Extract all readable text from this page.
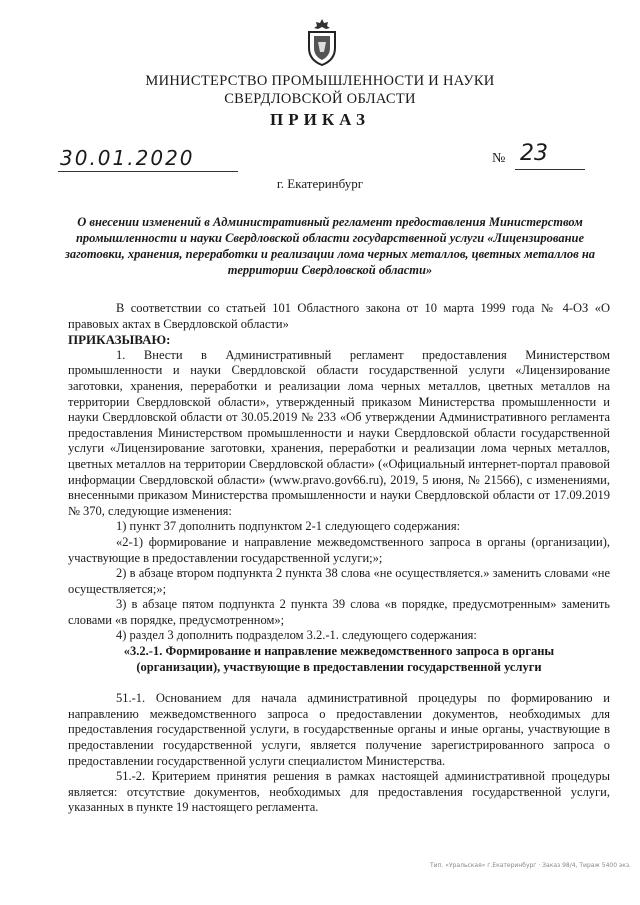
МИНИСТЕРСТВО ПРОМЫШЛЕННОСТИ И НАУКИ
СВЕРДЛОВСКОЙ ОБЛАСТИ
ПРИКАЗ
30.01.2020	№ 23
г. Екатеринбург
О внесении изменений в Административный регламент предоставления Министерством промышленности и науки Свердловской области государственной услуги «Лицензирование заготовки, хранения, переработки и реализации лома черных металлов, цветных металлов на территории Свердловской области»

В соответствии со статьей 101 Областного закона от 10 марта 1999 года № 4-ОЗ «О правовых актах в Свердловской области»

ПРИКАЗЫВАЮ:

1. Внести в Административный регламент предоставления Министерством промышленности и науки Свердловской области государственной услуги «Лицензирование заготовки, хранения, переработки и реализации лома черных металлов, цветных металлов на территории Свердловской области», утвержденный приказом Министерства промышленности и науки Свердловской области от 30.05.2019 № 233 «Об утверждении Административного регламента предоставления Министерством промышленности и науки Свердловской области государственной услуги «Лицензирование заготовки, хранения, переработки и реализации лома черных металлов, цветных металлов на территории Свердловской области» («Официальный интернет-портал правовой информации Свердловской области» (www.pravo.gov66.ru), 2019, 5 июня, № 21566), с изменениями, внесенными приказом Министерства промышленности и науки Свердловской области от 17.09.2019 № 370, следующие изменения:

1) пункт 37 дополнить подпунктом 2-1 следующего содержания:

«2-1) формирование и направление межведомственного запроса в органы (организации), участвующие в предоставлении государственной услуги;»;

2) в абзаце втором подпункта 2 пункта 38 слова «не осуществляется.» заменить словами «не осуществляется;»;

3) в абзаце пятом подпункта 2 пункта 39 слова «в порядке, предусмотренным» заменить словами «в порядке, предусмотренном»;

4) раздел 3 дополнить подразделом 3.2.-1. следующего содержания:

«3.2.-1. Формирование и направление межведомственного запроса в органы (организации), участвующие в предоставлении государственной услуги

51.-1. Основанием для начала административной процедуры по формированию и направлению межведомственного запроса о предоставлении документов, необходимых для предоставления государственной услуги, в государственные органы и иные органы, участвующие в предоставлении государственной услуги, является получение зарегистрированного запроса о предоставлении государственной услуги специалистом Министерства.

51.-2. Критерием принятия решения в рамках настоящей административной процедуры является: отсутствие документов, необходимых для предоставления государственной услуги, указанных в пункте 19 настоящего регламента.

Тип. «Уральская» г.Екатеринбург · Заказ 98/4, Тираж 5400 экз.
